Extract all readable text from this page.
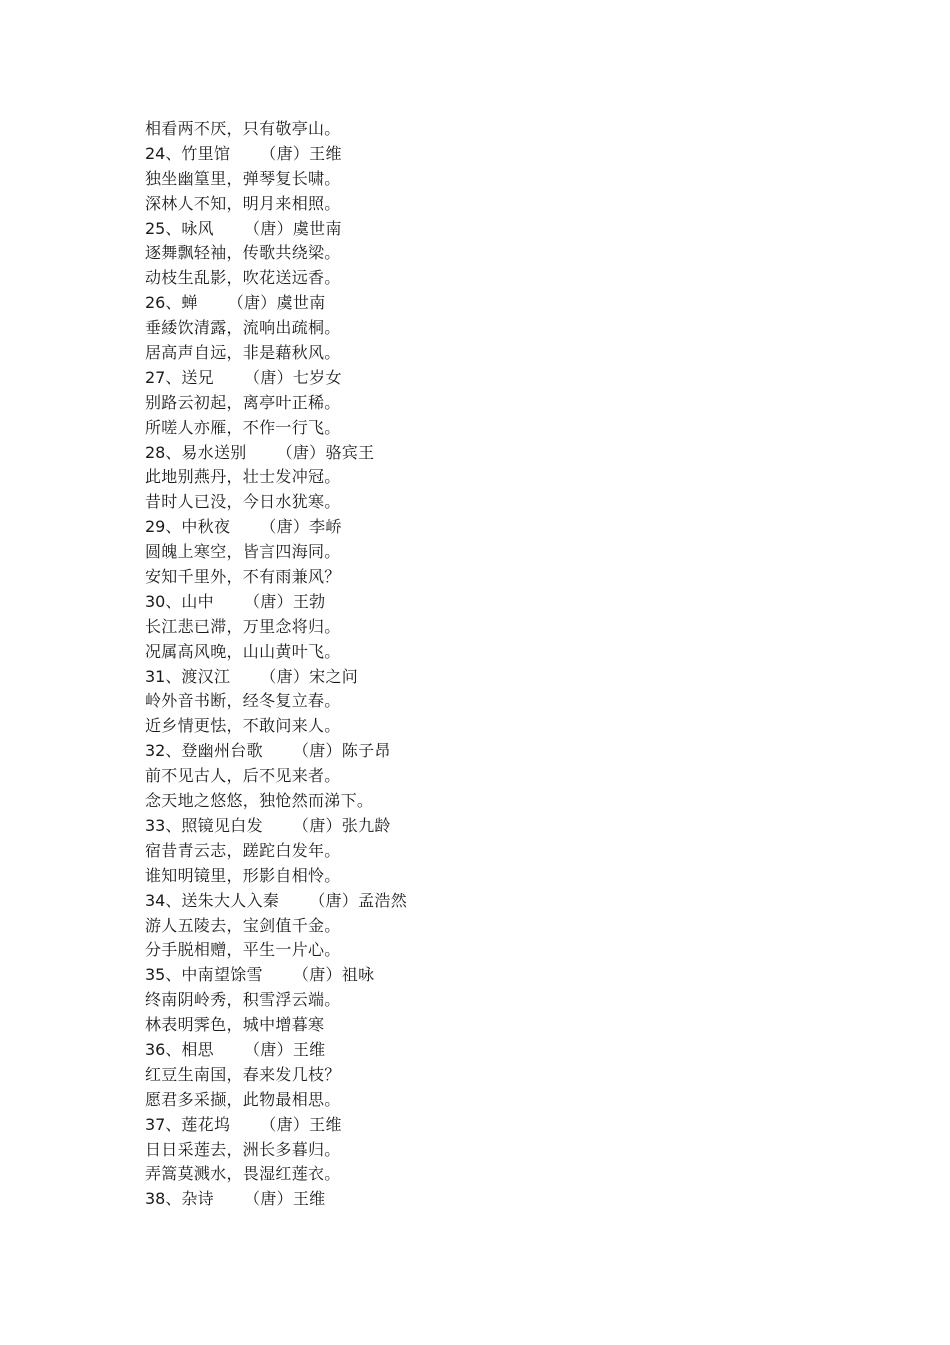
相看两不厌，只有敬亭山。
24、竹里馆 （唐）王维
独坐幽篁里，弹琴复长啸。
深林人不知，明月来相照。
25、咏风 （唐）虞世南
逐舞飘轻袖，传歌共绕梁。
动枝生乱影，吹花送远香。
26、蝉 （唐）虞世南
垂緌饮清露，流响出疏桐。
居高声自远，非是藉秋风。
27、送兄 （唐）七岁女
别路云初起，离亭叶正稀。
所嗟人亦雁，不作一行飞。
28、易水送别 （唐）骆宾王
此地别燕丹，壮士发冲冠。
昔时人已没，今日水犹寒。
29、中秋夜 （唐）李峤
圆魄上寒空，皆言四海同。
安知千里外，不有雨兼风？
30、山中 （唐）王勃
长江悲已滞，万里念将归。
况属高风晚，山山黄叶飞。
31、渡汉江 （唐）宋之问
岭外音书断，经冬复立春。
近乡情更怯，不敢问来人。
32、登幽州台歌 （唐）陈子昂
前不见古人，后不见来者。
念天地之悠悠，独怆然而涕下。
33、照镜见白发 （唐）张九龄
宿昔青云志，蹉跎白发年。
谁知明镜里，形影自相怜。
34、送朱大人入秦 （唐）孟浩然
游人五陵去，宝剑值千金。
分手脱相赠，平生一片心。
35、中南望馀雪 （唐）祖咏
终南阴岭秀，积雪浮云端。
林表明霁色，城中增暮寒
36、相思 （唐）王维
红豆生南国，春来发几枝？
愿君多采撷，此物最相思。
37、莲花坞 （唐）王维
日日采莲去，洲长多暮归。
弄篙莫溅水，畏湿红莲衣。
38、杂诗 （唐）王维
